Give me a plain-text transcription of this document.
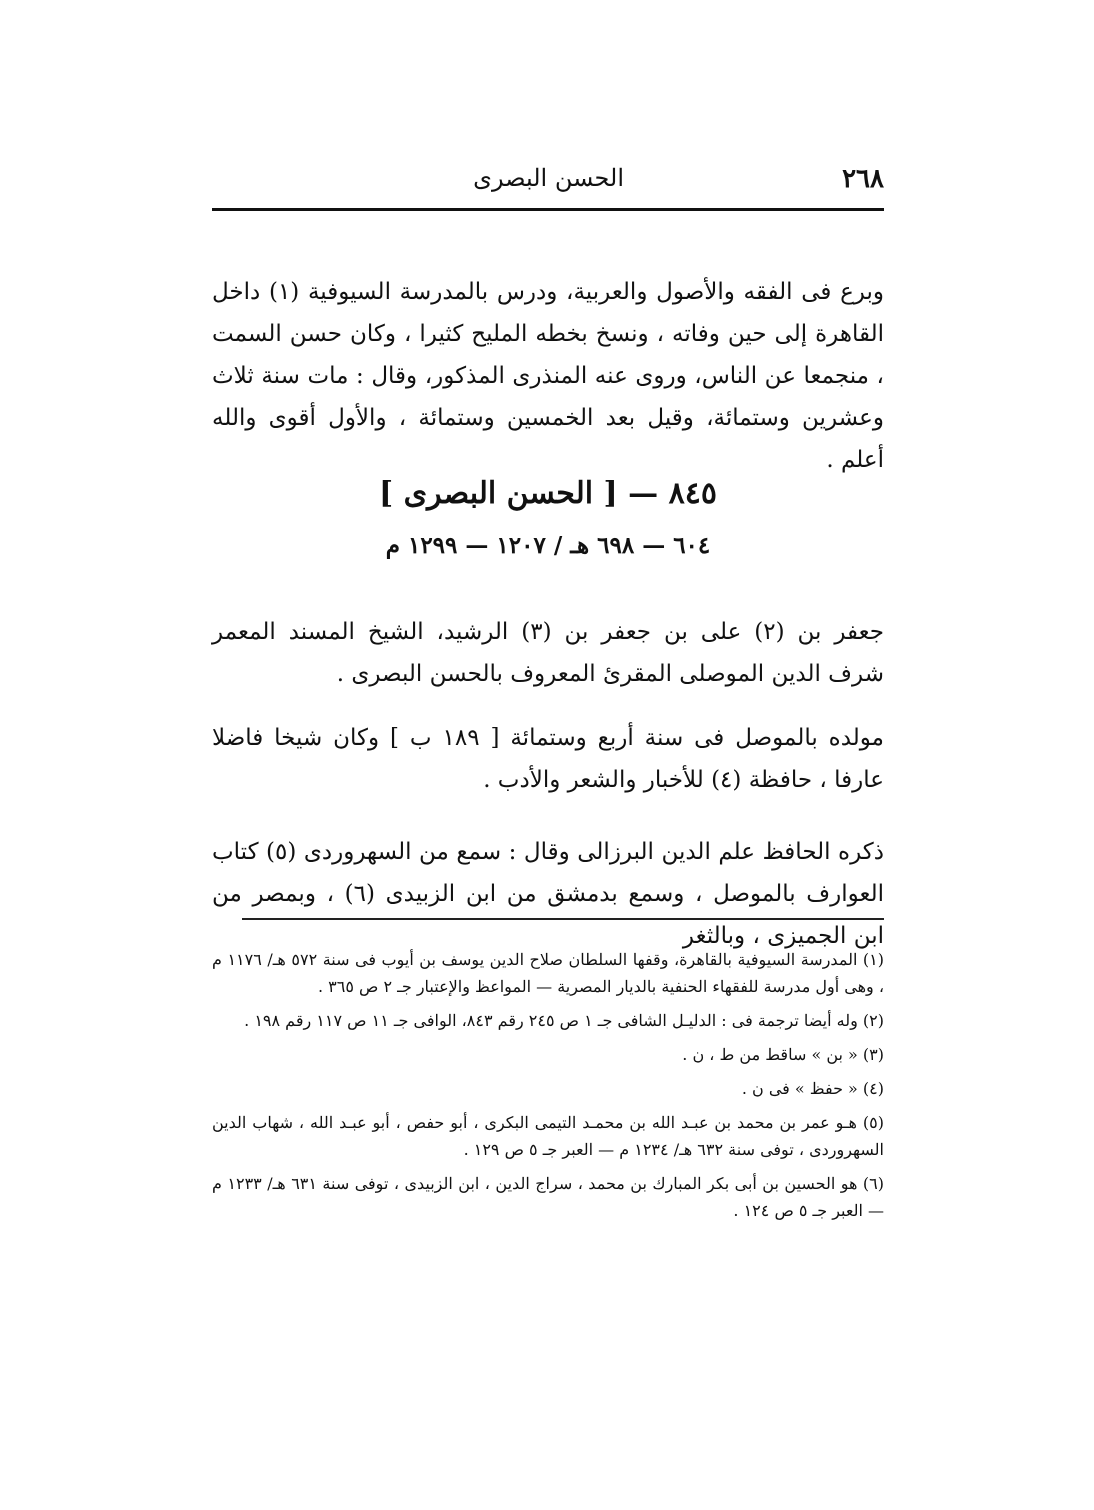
٢٦٨
الحسن البصرى

وبرع فى الفقه والأصول والعربية، ودرس بالمدرسة السيوفية (١) داخل القاهرة إلى حين وفاته ، ونسخ بخطه المليح كثيرا ، وكان حسن السمت ، منجمعا عن الناس، وروى عنه المنذرى المذكور، وقال : مات سنة ثلاث وعشرين وستمائة، وقيل بعد الخمسين وستمائة ، والأول أقوى والله أعلم .

٨٤٥ — [ الحسن البصرى ]
٦٠٤ — ٦٩٨ هـ / ١٢٠٧ — ١٢٩٩ م

جعفر بن (٢) على بن جعفر بن (٣) الرشيد، الشيخ المسند المعمر شرف الدين الموصلى المقرئ المعروف بالحسن البصرى .

مولده بالموصل فى سنة أربع وستمائة [ ١٨٩ ب ] وكان شيخا فاضلا عارفا ، حافظة (٤) للأخبار والشعر والأدب .

ذكره الحافظ علم الدين البرزالى وقال : سمع من السهروردى (٥) كتاب العوارف بالموصل ، وسمع بدمشق من ابن الزبيدى (٦) ، وبمصر من ابن الجميزى ، وبالثغر

(١) المدرسة السيوفية بالقاهرة، وقفها السلطان صلاح الدين يوسف بن أيوب فى سنة ٥٧٢ هـ/ ١١٧٦ م ، وهى أول مدرسة للفقهاء الحنفية بالديار المصرية — المواعظ والإعتبار جـ ٢ ص ٣٦٥ .

(٢) وله أيضا ترجمة فى : الدليـل الشافى جـ ١ ص ٢٤٥ رقم ٨٤٣، الوافى جـ ١١ ص ١١٧ رقم ١٩٨ .

(٣) « بن » ساقط من ط ، ن .

(٤) « حفظ » فى ن .

(٥) هـو عمر بن محمد بن عبـد الله بن محمـد التيمى البكرى ، أبو حفص ، أبو عبـد الله ، شهاب الدين السهروردى ، توفى سنة ٦٣٢ هـ/ ١٢٣٤ م — العبر جـ ٥ ص ١٢٩ .

(٦) هو الحسين بن أبى بكر المبارك بن محمد ، سراج الدين ، ابن الزبيدى ، توفى سنة ٦٣١ هـ/ ١٢٣٣ م — العبر جـ ٥ ص ١٢٤ .
